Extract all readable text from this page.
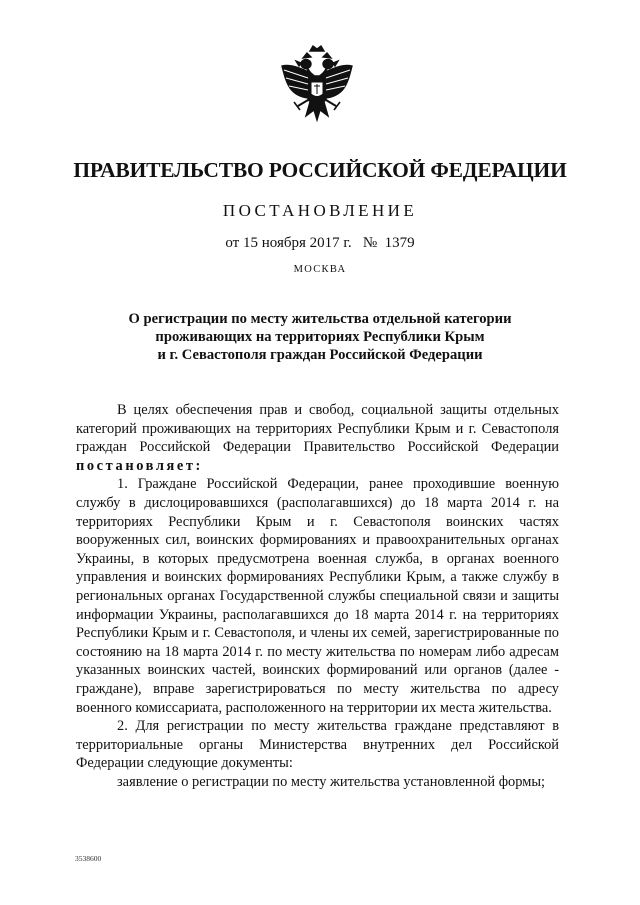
ПРАВИТЕЛЬСТВО РОССИЙСКОЙ ФЕДЕРАЦИИ
ПОСТАНОВЛЕНИЕ
от 15 ноября 2017 г.   №  1379
МОСКВА
О регистрации по месту жительства отдельной категории
проживающих на территориях Республики Крым
и г. Севастополя граждан Российской Федерации

В целях обеспечения прав и свобод, социальной защиты отдельных категорий проживающих на территориях Республики Крым и г. Севастополя граждан Российской Федерации Правительство Российской Федерации постановляет:

1. Граждане Российской Федерации, ранее проходившие военную службу в дислоцировавшихся (располагавшихся) до 18 марта 2014 г. на территориях Республики Крым и г. Севастополя воинских частях вооруженных сил, воинских формированиях и правоохранительных органах Украины, в которых предусмотрена военная служба, в органах военного управления и воинских формированиях Республики Крым, а также службу в региональных органах Государственной службы специальной связи и защиты информации Украины, располагавшихся до 18 марта 2014 г. на территориях Республики Крым и г. Севастополя, и члены их семей, зарегистрированные по состоянию на 18 марта 2014 г. по месту жительства по номерам либо адресам указанных воинских частей, воинских формирований или органов (далее - граждане), вправе зарегистрироваться по месту жительства по адресу военного комиссариата, расположенного на территории их места жительства.

2. Для регистрации по месту жительства граждане представляют в территориальные органы Министерства внутренних дел Российской Федерации следующие документы:

заявление о регистрации по месту жительства установленной формы;

3538600
